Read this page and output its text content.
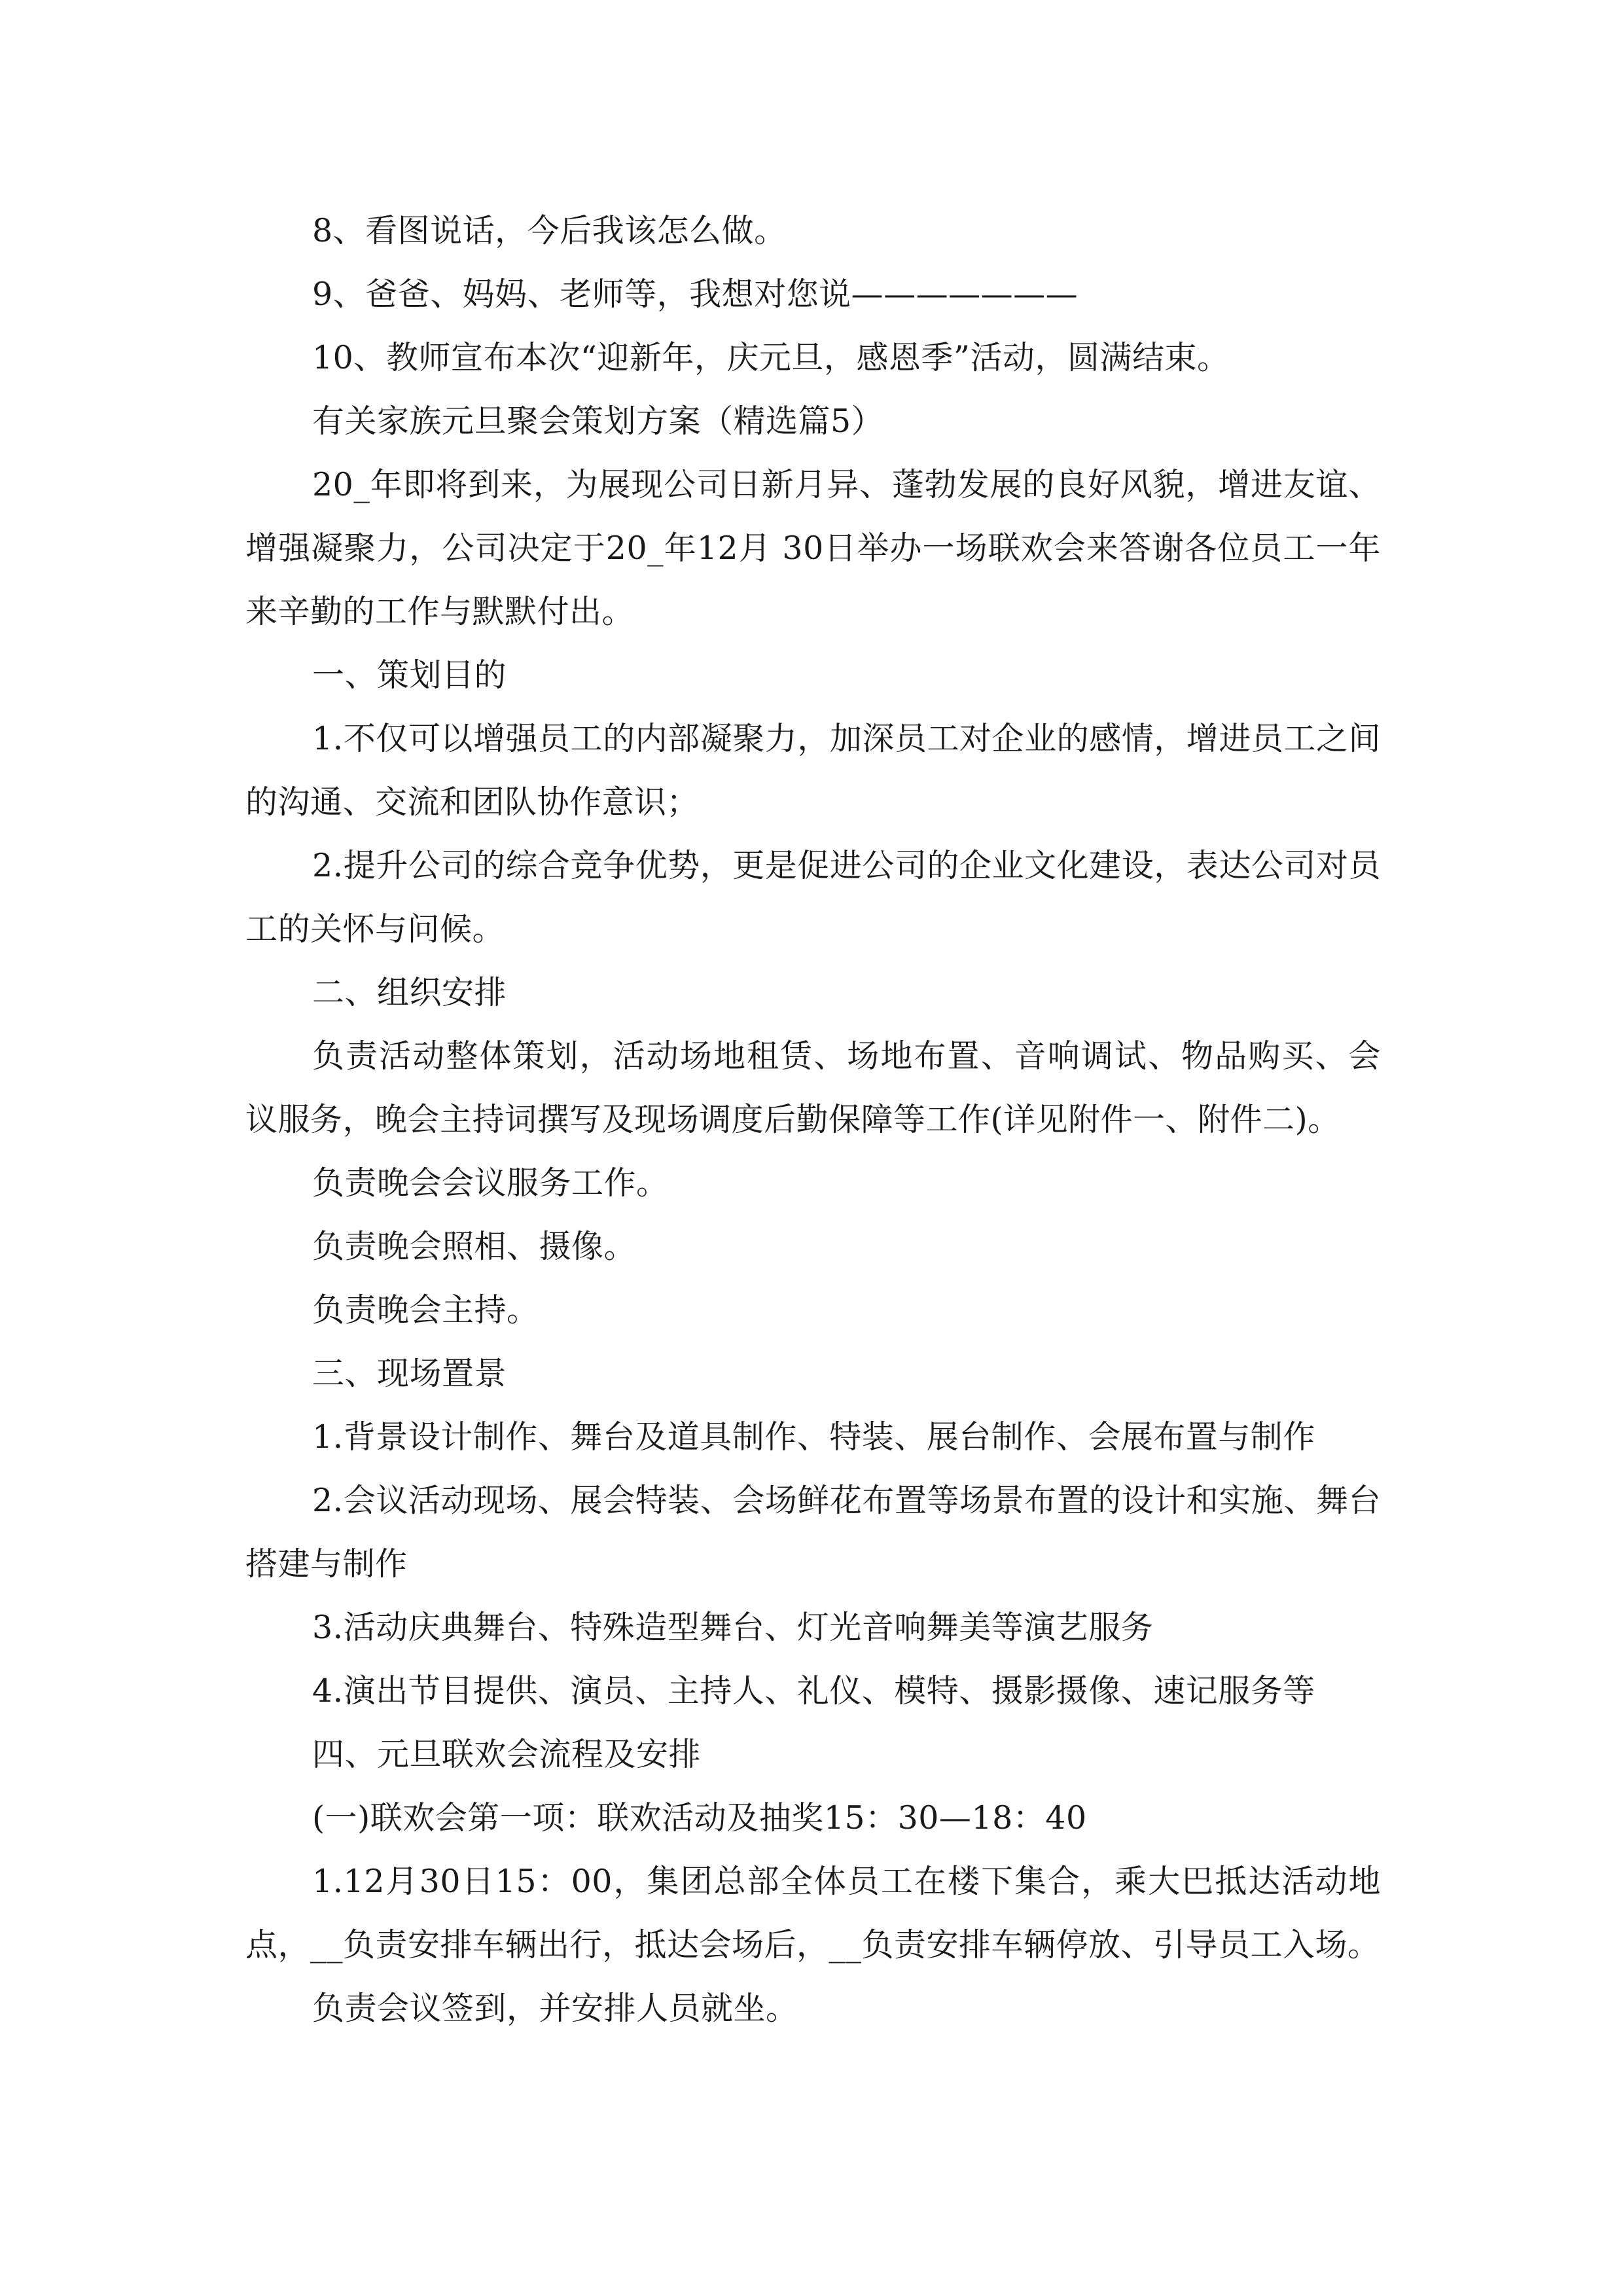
8、看图说话，今后我该怎么做。

9、爸爸、妈妈、老师等，我想对您说———————

10、教师宣布本次“迎新年，庆元旦，感恩季”活动，圆满结束。

有关家族元旦聚会策划方案（精选篇5）

20_年即将到来，为展现公司日新月异、蓬勃发展的良好风貌，增进友谊、增强凝聚力，公司决定于20_年12月 30日举办一场联欢会来答谢各位员工一年来辛勤的工作与默默付出。

一、策划目的

1.不仅可以增强员工的内部凝聚力，加深员工对企业的感情，增进员工之间的沟通、交流和团队协作意识；

2.提升公司的综合竞争优势，更是促进公司的企业文化建设，表达公司对员工的关怀与问候。

二、组织安排

负责活动整体策划，活动场地租赁、场地布置、音响调试、物品购买、会议服务，晚会主持词撰写及现场调度后勤保障等工作(详见附件一、附件二)。

负责晚会会议服务工作。

负责晚会照相、摄像。

负责晚会主持。

三、现场置景

1.背景设计制作、舞台及道具制作、特装、展台制作、会展布置与制作

2.会议活动现场、展会特装、会场鲜花布置等场景布置的设计和实施、舞台搭建与制作

3.活动庆典舞台、特殊造型舞台、灯光音响舞美等演艺服务

4.演出节目提供、演员、主持人、礼仪、模特、摄影摄像、速记服务等

四、元旦联欢会流程及安排

(一)联欢会第一项：联欢活动及抽奖15：30—18：40

1.12月30日15：00，集团总部全体员工在楼下集合，乘大巴抵达活动地点，__负责安排车辆出行，抵达会场后，__负责安排车辆停放、引导员工入场。

负责会议签到，并安排人员就坐。
